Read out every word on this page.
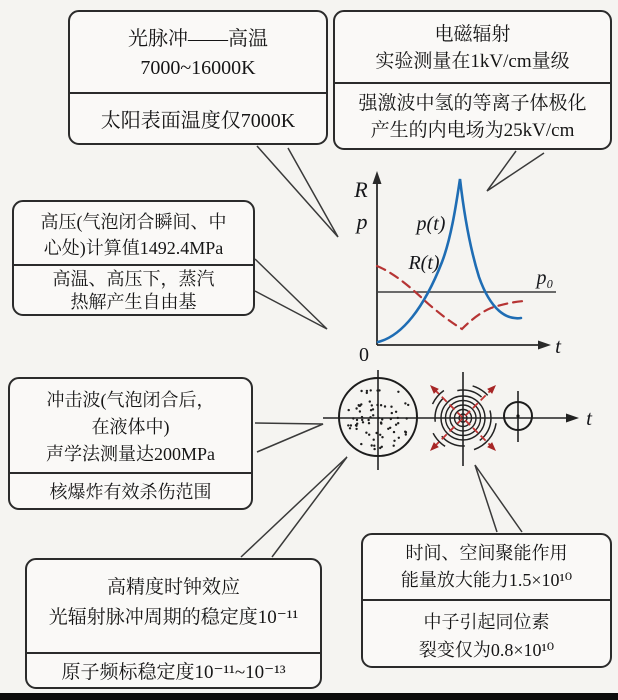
光脉冲——高温
7000~16000K
太阳表面温度仅7000K
电磁辐射
实验测量在1kV/cm量级
强激波中氢的等离子体极化
产生的内电场为25kV/cm
高压(气泡闭合瞬间、中
心处)计算值1492.4MPa
高温、高压下，蒸汽
热解产生自由基
冲击波(气泡闭合后，
在液体中)
声学法测量达200MPa
核爆炸有效杀伤范围
高精度时钟效应
光辐射脉冲周期的稳定度10⁻¹¹
原子频标稳定度10⁻¹¹~10⁻¹³
时间、空间聚能作用
能量放大能力1.5×10¹⁰
中子引起同位素
裂变仅为0.8×10¹⁰
R
p p(t)
R(t)
p₀
0	t
t
